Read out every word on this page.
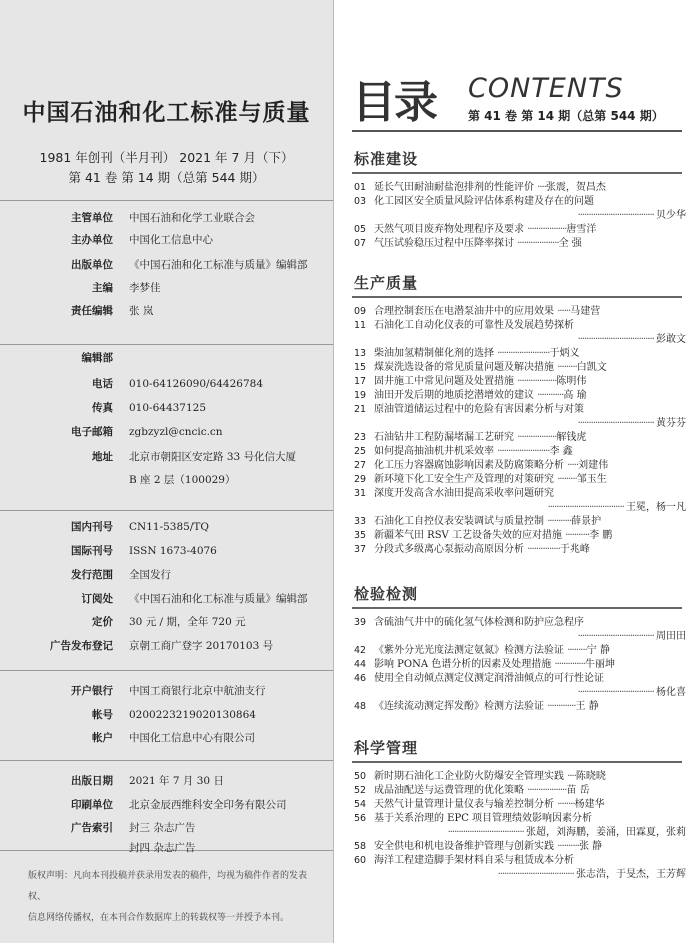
中国石油和化工标准与质量
1981 年创刊（半月刊） 2021 年 7 月（下）
第 41 卷 第 14 期（总第 544 期）
主管单位 中国石油和化学工业联合会
主办单位 中国化工信息中心
出版单位 《中国石油和化工标准与质量》编辑部
主编 李梦佳
责任编辑 张 岚
编辑部
电话 010-64126090/64426784
传真 010-64437125
电子邮箱 zgbzyzl@cncic.cn
地址 北京市朝阳区安定路 33 号化信大厦
B 座 2 层（100029）
国内刊号 CN11-5385/TQ
国际刊号 ISSN 1673-4076
发行范围 全国发行
订阅处 《中国石油和化工标准与质量》编辑部
定价 30 元 / 期，全年 720 元
广告发布登记 京朝工商广登字 20170103 号
开户银行 中国工商银行北京中航油支行
帐号 0200223219020130864
帐户 中国化工信息中心有限公司
出版日期 2021 年 7 月 30 日
印刷单位 北京金辰西维科安全印务有限公司
广告索引 封三 杂志广告
封四 杂志广告
版权声明：凡向本刊投稿并获录用发表的稿件，均视为稿件作者的发表权、
信息网络传播权，在本刊合作数据库上的转载权等一并授予本刊。
目录 CONTENTS
第 41 卷 第 14 期（总第 544 期）
标准建设
01 延长气田耐油耐盐泡排剂的性能评价 ····张震，贺昌杰
03 化工园区安全质量风险评估体系构建及存在的问题
··································· 贝少华
05 天然气项目废弃物处理程序及要求 ··················唐雪洋
07 气压试验稳压过程中压降率探讨 ···················全 强
生产质量
09 合理控制套压在电潜泵油井中的应用效果 ······马建营
11 石油化工自动化仪表的可靠性及发展趋势探析
··································· 彭敢文
13 柴油加氢精制催化剂的选择 ························于炳义
15 煤炭洗选设备的常见质量问题及解决措施 ·········白凯文
17 固井施工中常见问题及处置措施 ··················陈明伟
19 油田开发后期的地质挖潜增效的建议 ············高 瑜
21 原油管道储运过程中的危险有害因素分析与对策
··································· 黄芬芬
23 石油钻井工程防漏堵漏工艺研究 ··················解钱虎
25 如何提高抽油机井机采效率 ························李 鑫
27 化工压力容器腐蚀影响因素及防腐策略分析 ·····刘建伟
29 新环境下化工安全生产及管理的对策研究 ·········邹玉生
31 深度开发高含水油田提高采收率问题研究
··································· 王冕，杨一凡
33 石油化工自控仪表安装调试与质量控制 ···········薛景护
35 新疆苯气田 RSV 工艺设备失效的应对措施 ···········李 鹏
37 分段式多级离心泵振动高原因分析 ···············于兆峰
检验检测
39 含硫油气井中的硫化氢气体检测和防护应急程序
··································· 周田田
42 《紫外分光光度法测定氨氮》检测方法验证 ·········宁 静
44 影响 PONA 色谱分析的因素及处理措施 ··············牛丽坤
46 使用全自动倾点测定仪测定润滑油倾点的可行性论证
··································· 杨化喜
48 《连续流动测定挥发酚》检测方法验证 ·············王 静
科学管理
50 新时期石油化工企业防火防爆安全管理实践 ····陈晓晓
52 成品油配送与运费管理的优化策略 ··················苗 岳
54 天然气计量管理计量仪表与输差控制分析 ········杨建华
56 基于关系治理的 EPC 项目管理绩效影响因素分析
··································· 张超，刘海鹏，姜涌，田霖夏，张莉
58 安全供电和机电设备维护管理与创新实践 ··········张 静
60 海洋工程建造脚手架材料自采与租赁成本分析
··································· 张志浩，于旻杰，王芳辉
